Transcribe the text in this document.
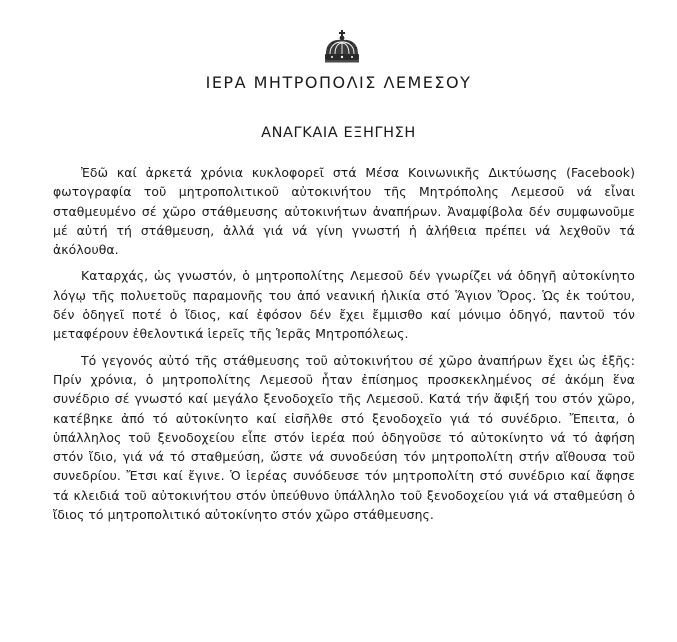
ΙΕΡΑ ΜΗΤΡΟΠΟΛΙΣ ΛΕΜΕΣΟΥ
ΑΝΑΓΚΑΙΑ ΕΞΗΓΗΣΗ

Ἐδῶ καί ἀρκετά χρόνια κυκλοφορεῖ στά Μέσα Κοινωνικῆς Δικτύωσης (Facebook) φωτογραφία τοῦ μητροπολιτικοῦ αὐτοκινήτου τῆς Μητρόπολης Λεμεσοῦ νά εἶναι σταθμευμένο σέ χῶρο στάθμευσης αὐτοκινήτων ἀναπήρων. Ἀναμφίβολα δέν συμφωνοῦμε μέ αὐτή τή στάθμευση, ἀλλά γιά νά γίνη γνωστή ἡ ἀλήθεια πρέπει νά λεχθοῦν τά ἀκόλουθα.

Καταρχάς, ὡς γνωστόν, ὁ μητροπολίτης Λεμεσοῦ δέν γνωρίζει νά ὁδηγῆ αὐτοκίνητο λόγῳ τῆς πολυετοῦς παραμονῆς του ἀπό νεανική ἡλικία στό Ἅγιον Ὄρος. Ὡς ἐκ τούτου, δέν ὁδηγεῖ ποτέ ὁ ἴδιος, καί ἐφόσον δέν ἔχει ἔμμισθο καί μόνιμο ὁδηγό, παντοῦ τόν μεταφέρουν ἐθελοντικά ἱερεῖς τῆς Ἱερᾶς Μητροπόλεως.

Τό γεγονός αὐτό τῆς στάθμευσης τοῦ αὐτοκινήτου σέ χῶρο ἀναπήρων ἔχει ὡς ἑξῆς: Πρίν χρόνια, ὁ μητροπολίτης Λεμεσοῦ ἦταν ἐπίσημος προσκεκλημένος σέ ἀκόμη ἕνα συνέδριο σέ γνωστό καί μεγάλο ξενοδοχεῖο τῆς Λεμεσοῦ. Κατά τήν ἄφιξή του στόν χῶρο, κατέβηκε ἀπό τό αὐτοκίνητο καί εἰσῆλθε στό ξενοδοχεῖο γιά τό συνέδριο. Ἔπειτα, ὁ ὑπάλληλος τοῦ ξενοδοχείου εἶπε στόν ἱερέα πού ὁδηγοῦσε τό αὐτοκίνητο νά τό ἀφήση στόν ἴδιο, γιά νά τό σταθμεύση, ὥστε νά συνοδεύση τόν μητροπολίτη στήν αἴθουσα τοῦ συνεδρίου. Ἔτσι καί ἔγινε. Ὁ ἱερέας συνόδευσε τόν μητροπολίτη στό συνέδριο καί ἄφησε τά κλειδιά τοῦ αὐτοκινήτου στόν ὑπεύθυνο ὑπάλληλο τοῦ ξενοδοχείου γιά νά σταθμεύση ὁ ἴδιος τό μητροπολιτικό αὐτοκίνητο στόν χῶρο στάθμευσης.
